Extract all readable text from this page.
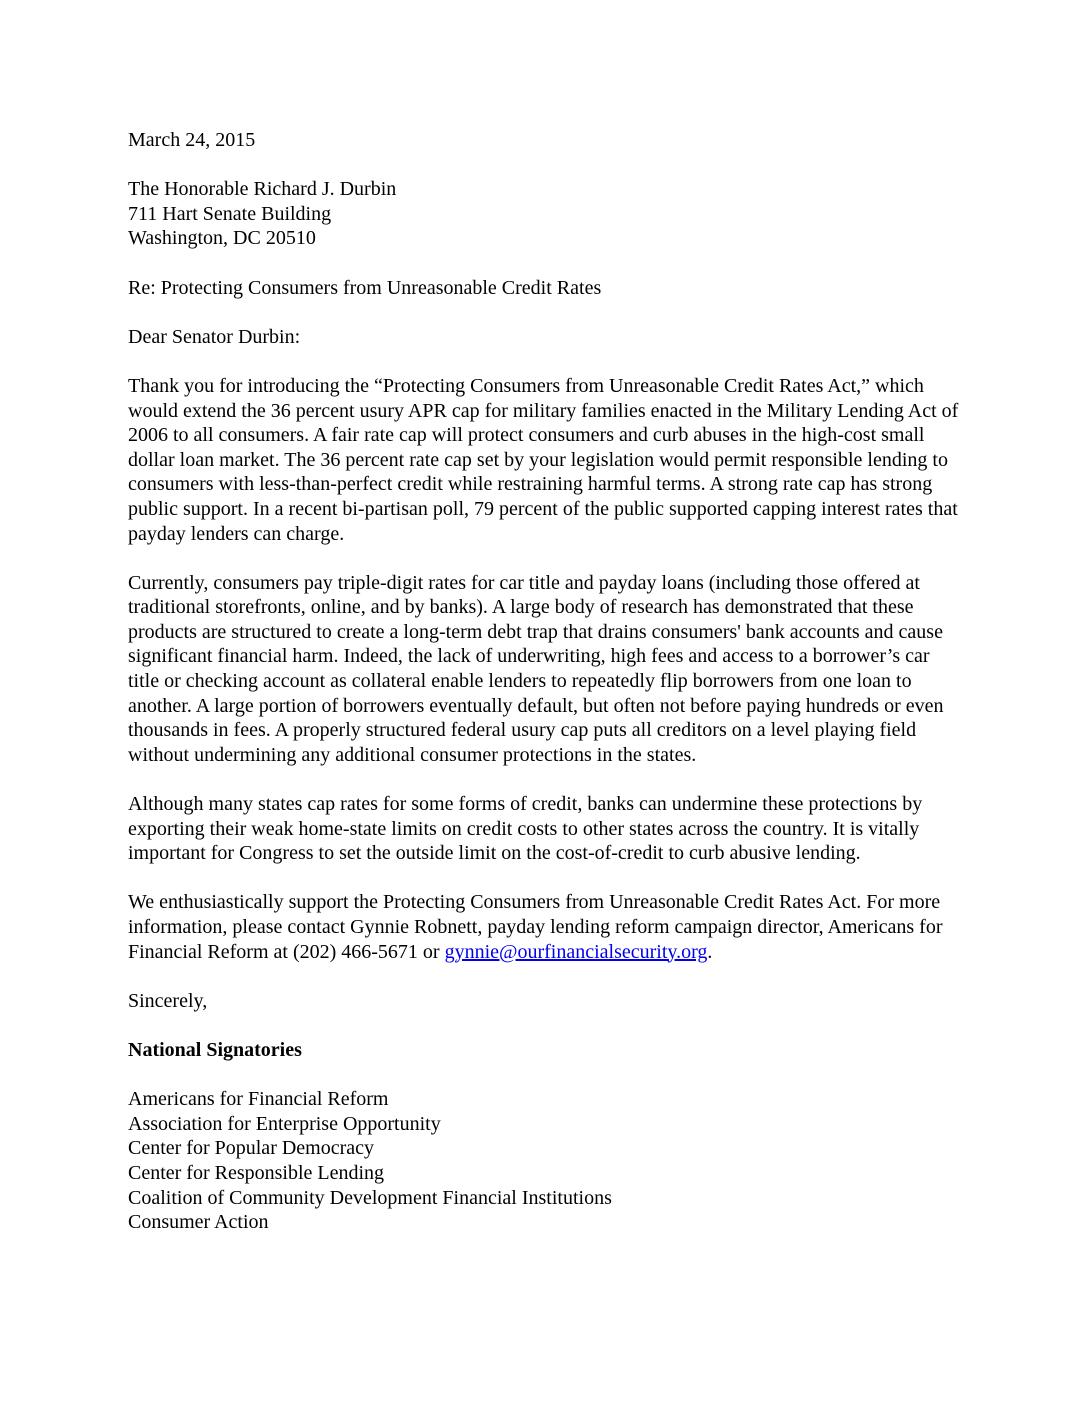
March 24, 2015

The Honorable Richard J. Durbin

711 Hart Senate Building

Washington, DC 20510

Re: Protecting Consumers from Unreasonable Credit Rates

Dear Senator Durbin:

Thank you for introducing the “Protecting Consumers from Unreasonable Credit Rates Act,” which would extend the 36 percent usury APR cap for military families enacted in the Military Lending Act of 2006 to all consumers. A fair rate cap will protect consumers and curb abuses in the high-cost small dollar loan market. The 36 percent rate cap set by your legislation would permit responsible lending to consumers with less-than-perfect credit while restraining harmful terms. A strong rate cap has strong public support. In a recent bi-partisan poll, 79 percent of the public supported capping interest rates that payday lenders can charge.

Currently, consumers pay triple-digit rates for car title and payday loans (including those offered at traditional storefronts, online, and by banks). A large body of research has demonstrated that these products are structured to create a long-term debt trap that drains consumers' bank accounts and cause significant financial harm. Indeed, the lack of underwriting, high fees and access to a borrower’s car title or checking account as collateral enable lenders to repeatedly flip borrowers from one loan to another. A large portion of borrowers eventually default, but often not before paying hundreds or even thousands in fees. A properly structured federal usury cap puts all creditors on a level playing field without undermining any additional consumer protections in the states.

Although many states cap rates for some forms of credit, banks can undermine these protections by exporting their weak home-state limits on credit costs to other states across the country. It is vitally important for Congress to set the outside limit on the cost-of-credit to curb abusive lending.

We enthusiastically support the Protecting Consumers from Unreasonable Credit Rates Act. For more information, please contact Gynnie Robnett, payday lending reform campaign director, Americans for Financial Reform at (202) 466-5671 or gynnie@ourfinancialsecurity.org.

Sincerely,

National Signatories

Americans for Financial Reform

Association for Enterprise Opportunity

Center for Popular Democracy

Center for Responsible Lending

Coalition of Community Development Financial Institutions

Consumer Action
